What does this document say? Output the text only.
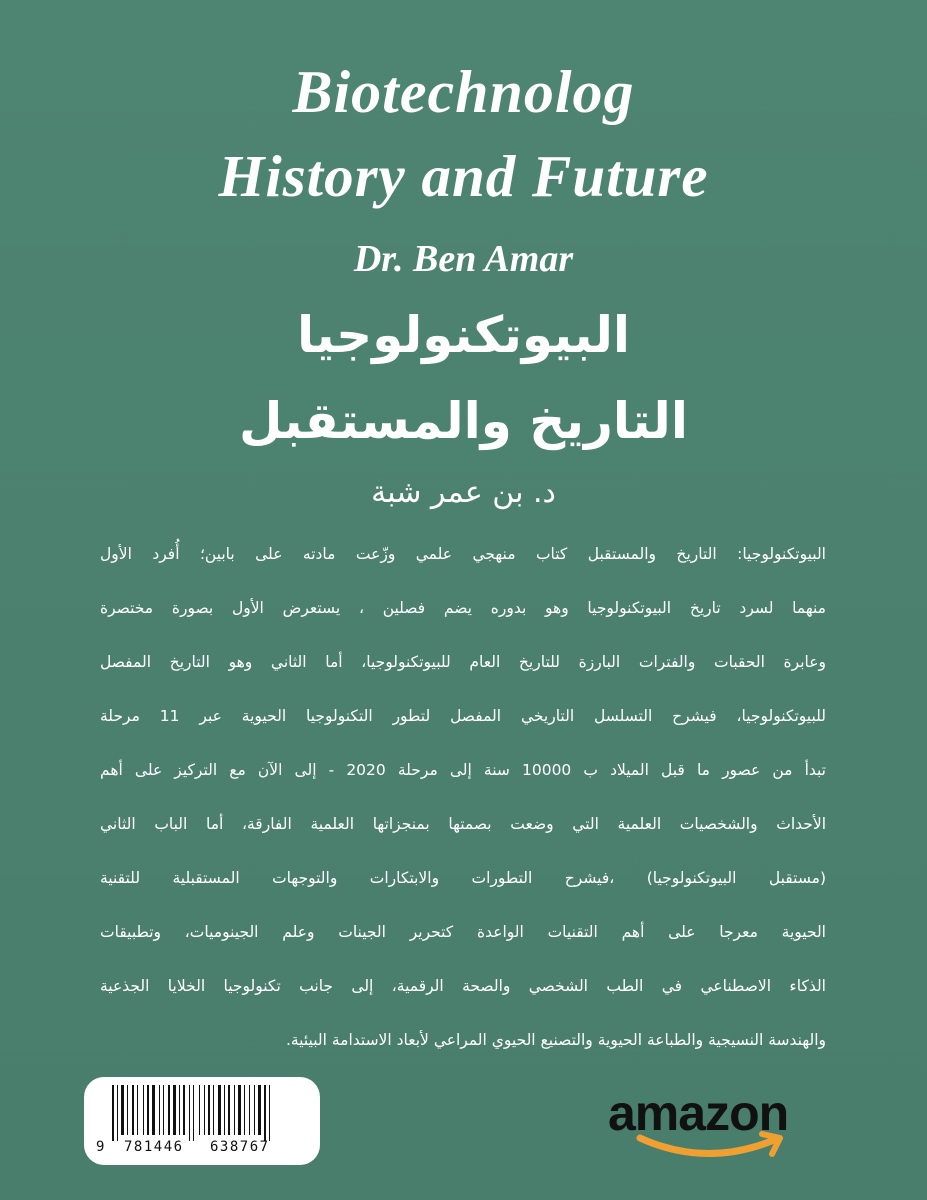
Biotechnolog
History and Future
Dr. Ben Amar
البيوتكنولوجيا
التاريخ والمستقبل
د. بن عمر شبة
البيوتكنولوجيا: التاريخ والمستقبل كتاب منهجي علمي وزّعت مادته على بابين؛ أُفرد الأول
منهما لسرد تاريخ البيوتكنولوجيا وهو بدوره يضم فصلين ، يستعرض الأول بصورة مختصرة
وعابرة الحقبات والفترات البارزة للتاريخ العام للبيوتكنولوجيا، أما الثاني وهو التاريخ المفصل
للبيوتكنولوجيا، فيشرح التسلسل التاريخي المفصل لتطور التكنولوجيا الحيوية عبر 11 مرحلة
تبدأ من عصور ما قبل الميلاد ب 10000 سنة إلى مرحلة 2020 - إلى الآن مع التركيز على أهم
الأحداث والشخصيات العلمية التي وضعت بصمتها بمنجزاتها العلمية الفارقة، أما الباب الثاني
(مستقبل البيوتكنولوجيا) ،فيشرح التطورات والابتكارات والتوجهات المستقبلية للتقنية
الحيوية معرجا على أهم التقنيات الواعدة كتحرير الجينات وعلم الجينوميات، وتطبيقات
الذكاء الاصطناعي في الطب الشخصي والصحة الرقمية، إلى جانب تكنولوجيا الخلايا الجذعية
والهندسة النسيجية والطباعة الحيوية والتصنيع الحيوي المراعي لأبعاد الاستدامة البيئية.
9 781446 638767
amazon
